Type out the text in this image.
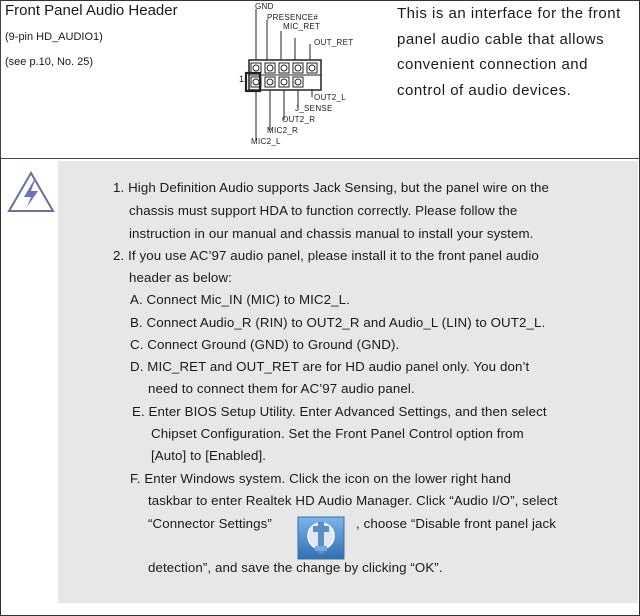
Front Panel Audio Header
(9-pin HD_AUDIO1)
(see p.10, No. 25)
This is an interface for the front
panel audio cable that allows
convenient connection and
control of audio devices.
GND
PRESENCE#
MIC_RET
OUT_RET
1
OUT2_L
J_SENSE
OUT2_R
MIC2_R
MIC2_L
1. High Definition Audio supports Jack Sensing, but the panel wire on the
chassis must support HDA to function correctly. Please follow the
instruction in our manual and chassis manual to install your system.
2. If you use AC’97 audio panel, please install it to the front panel audio
header as below:
A. Connect Mic_IN (MIC) to MIC2_L.
B. Connect Audio_R (RIN) to OUT2_R and Audio_L (LIN) to OUT2_L.
C. Connect Ground (GND) to Ground (GND).
D. MIC_RET and OUT_RET are for HD audio panel only. You don’t
need to connect them for AC’97 audio panel.
E. Enter BIOS Setup Utility. Enter Advanced Settings, and then select
Chipset Configuration. Set the Front Panel Control option from
[Auto] to [Enabled].
F. Enter Windows system. Click the icon on the lower right hand
taskbar to enter Realtek HD Audio Manager. Click “Audio I/O”, select
“Connector Settings”	, choose “Disable front panel jack
detection”, and save the change by clicking “OK”.
